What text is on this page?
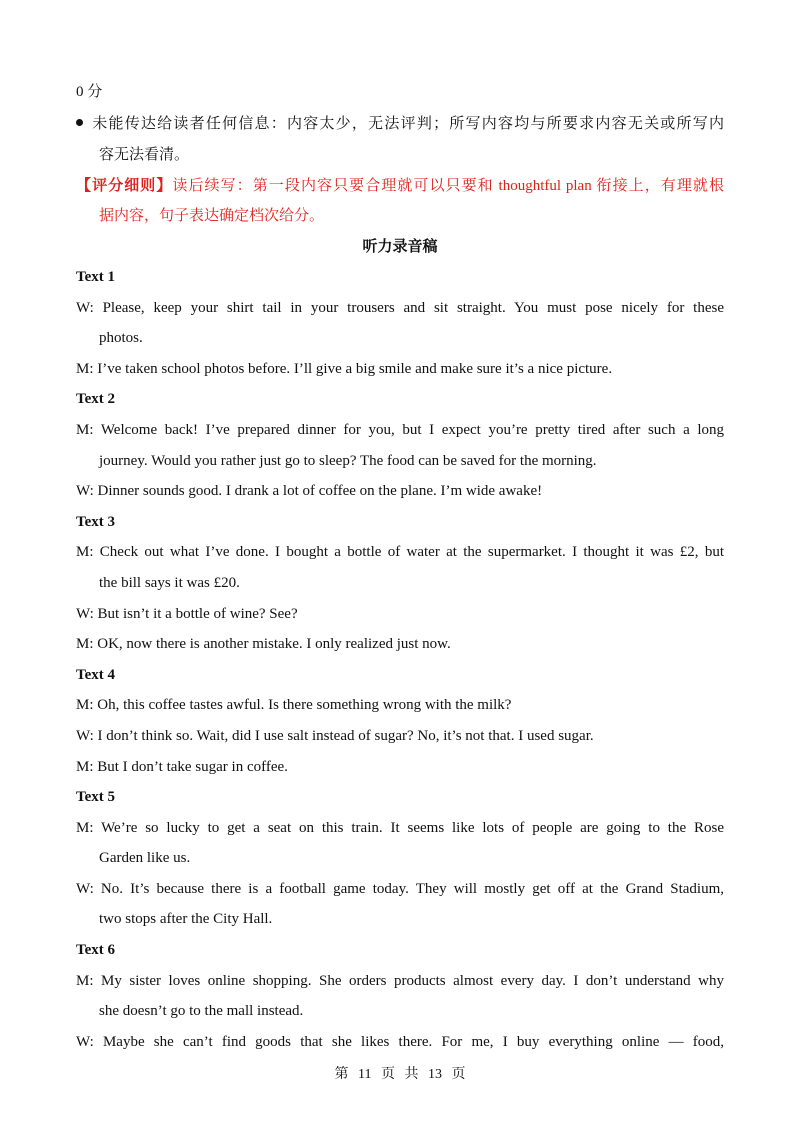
0 分
未能传达给读者任何信息：内容太少，无法评判；所写内容均与所要求内容无关或所写内
容无法看清。
【评分细则】读后续写：第一段内容只要合理就可以只要和 thoughtful plan 衔接上，有理就根
据内容，句子表达确定档次给分。
听力录音稿
Text 1
W: Please, keep your shirt tail in your trousers and sit straight. You must pose nicely for these
photos.
M: I’ve taken school photos before. I’ll give a big smile and make sure it’s a nice picture.
Text 2
M: Welcome back! I’ve prepared dinner for you, but I expect you’re pretty tired after such a long
journey. Would you rather just go to sleep? The food can be saved for the morning.
W: Dinner sounds good. I drank a lot of coffee on the plane. I’m wide awake!
Text 3
M: Check out what I’ve done. I bought a bottle of water at the supermarket. I thought it was £2, but
the bill says it was £20.
W: But isn’t it a bottle of wine? See?
M: OK, now there is another mistake. I only realized just now.
Text 4
M: Oh, this coffee tastes awful. Is there something wrong with the milk?
W: I don’t think so. Wait, did I use salt instead of sugar? No, it’s not that. I used sugar.
M: But I don’t take sugar in coffee.
Text 5
M: We’re so lucky to get a seat on this train. It seems like lots of people are going to the Rose
Garden like us.
W: No. It’s because there is a football game today. They will mostly get off at the Grand Stadium,
two stops after the City Hall.
Text 6
M: My sister loves online shopping. She orders products almost every day. I don’t understand why
she doesn’t go to the mall instead.
W: Maybe she can’t find goods that she likes there. For me, I buy everything online — food,
第 11 页 共 13 页
